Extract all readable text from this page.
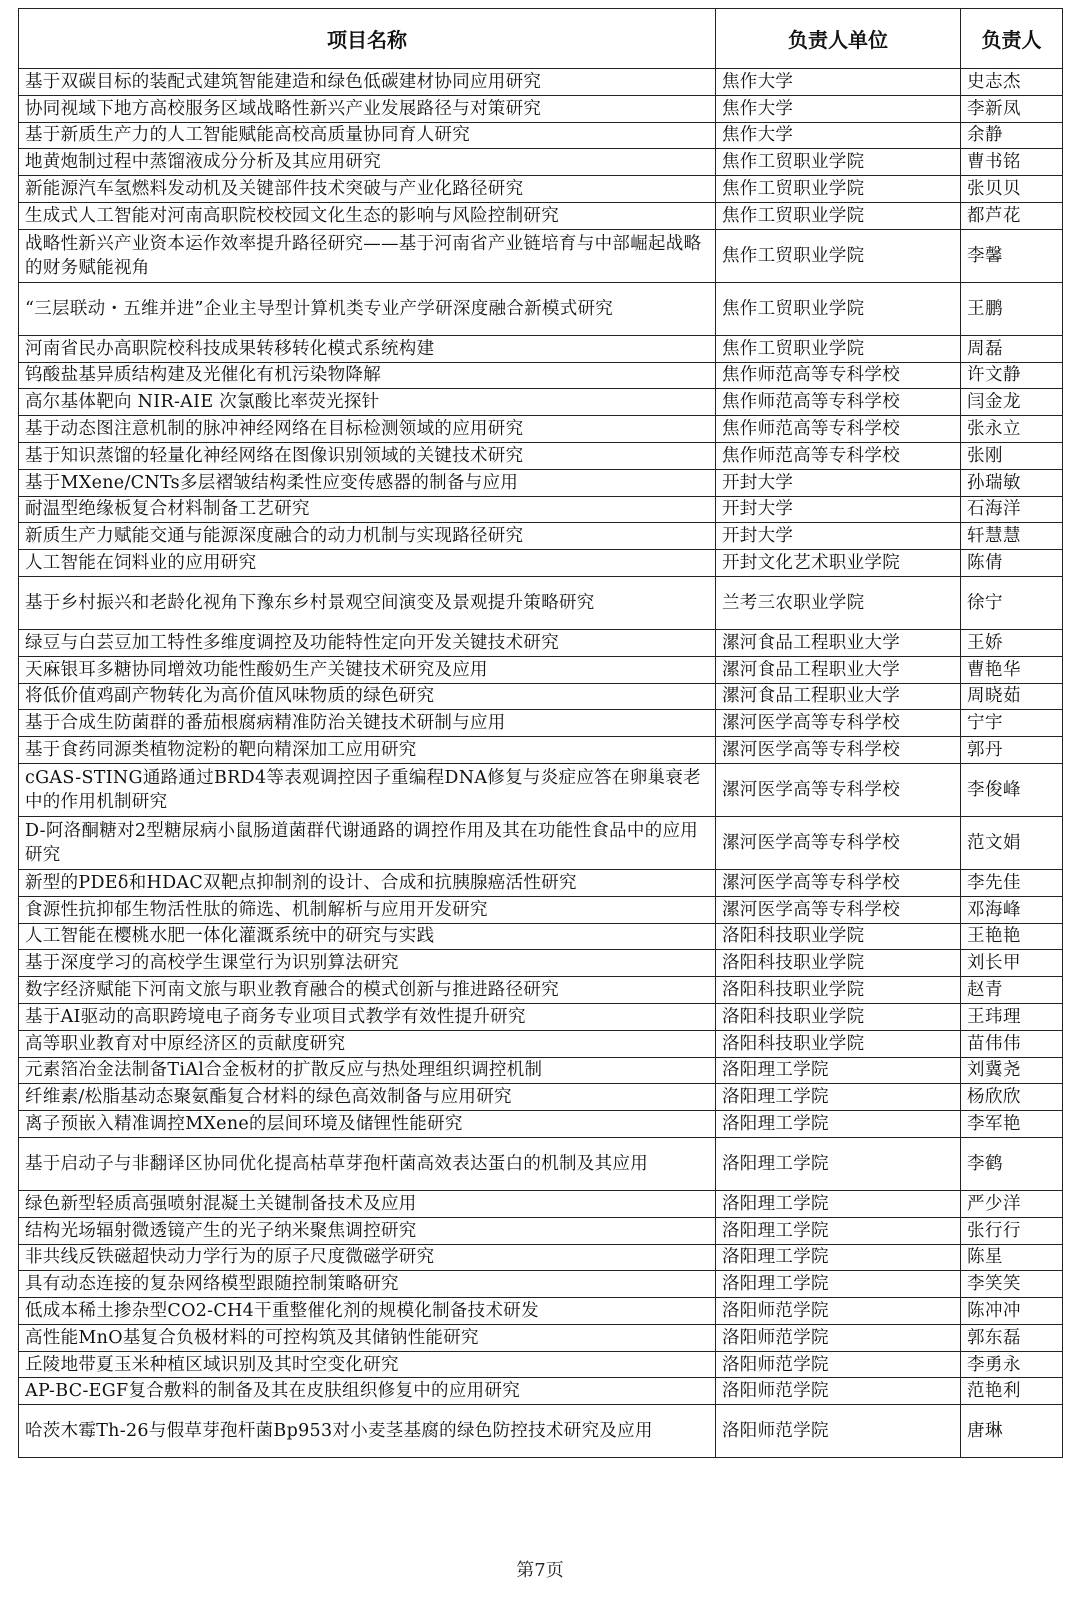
项目名称	负责人单位	负责人
基于双碳目标的装配式建筑智能建造和绿色低碳建材协同应用研究	焦作大学	史志杰
协同视域下地方高校服务区域战略性新兴产业发展路径与对策研究	焦作大学	李新凤
基于新质生产力的人工智能赋能高校高质量协同育人研究	焦作大学	余静
地黄炮制过程中蒸馏液成分分析及其应用研究	焦作工贸职业学院	曹书铭
新能源汽车氢燃料发动机及关键部件技术突破与产业化路径研究	焦作工贸职业学院	张贝贝
生成式人工智能对河南高职院校校园文化生态的影响与风险控制研究	焦作工贸职业学院	都芦花
战略性新兴产业资本运作效率提升路径研究——基于河南省产业链培育与中部崛起战略的财务赋能视角	焦作工贸职业学院	李馨
“三层联动・五维并进”企业主导型计算机类专业产学研深度融合新模式研究	焦作工贸职业学院	王鹏
河南省民办高职院校科技成果转移转化模式系统构建	焦作工贸职业学院	周磊
钨酸盐基异质结构建及光催化有机污染物降解	焦作师范高等专科学校	许文静
高尔基体靶向 NIR-AIE 次氯酸比率荧光探针	焦作师范高等专科学校	闫金龙
基于动态图注意机制的脉冲神经网络在目标检测领域的应用研究	焦作师范高等专科学校	张永立
基于知识蒸馏的轻量化神经网络在图像识别领域的关键技术研究	焦作师范高等专科学校	张刚
基于MXene/CNTs多层褶皱结构柔性应变传感器的制备与应用	开封大学	孙瑞敏
耐温型绝缘板复合材料制备工艺研究	开封大学	石海洋
新质生产力赋能交通与能源深度融合的动力机制与实现路径研究	开封大学	轩慧慧
人工智能在饲料业的应用研究	开封文化艺术职业学院	陈倩
基于乡村振兴和老龄化视角下豫东乡村景观空间演变及景观提升策略研究	兰考三农职业学院	徐宁
绿豆与白芸豆加工特性多维度调控及功能特性定向开发关键技术研究	漯河食品工程职业大学	王娇
天麻银耳多糖协同增效功能性酸奶生产关键技术研究及应用	漯河食品工程职业大学	曹艳华
将低价值鸡副产物转化为高价值风味物质的绿色研究	漯河食品工程职业大学	周晓茹
基于合成生防菌群的番茄根腐病精准防治关键技术研制与应用	漯河医学高等专科学校	宁宇
基于食药同源类植物淀粉的靶向精深加工应用研究	漯河医学高等专科学校	郭丹
cGAS-STING通路通过BRD4等表观调控因子重编程DNA修复与炎症应答在卵巢衰老中的作用机制研究	漯河医学高等专科学校	李俊峰
D-阿洛酮糖对2型糖尿病小鼠肠道菌群代谢通路的调控作用及其在功能性食品中的应用研究	漯河医学高等专科学校	范文娟
新型的PDEδ和HDAC双靶点抑制剂的设计、合成和抗胰腺癌活性研究	漯河医学高等专科学校	李先佳
食源性抗抑郁生物活性肽的筛选、机制解析与应用开发研究	漯河医学高等专科学校	邓海峰
人工智能在樱桃水肥一体化灌溉系统中的研究与实践	洛阳科技职业学院	王艳艳
基于深度学习的高校学生课堂行为识别算法研究	洛阳科技职业学院	刘长甲
数字经济赋能下河南文旅与职业教育融合的模式创新与推进路径研究	洛阳科技职业学院	赵青
基于AI驱动的高职跨境电子商务专业项目式教学有效性提升研究	洛阳科技职业学院	王玮理
高等职业教育对中原经济区的贡献度研究	洛阳科技职业学院	苗伟伟
元素箔冶金法制备TiAl合金板材的扩散反应与热处理组织调控机制	洛阳理工学院	刘冀尧
纤维素/松脂基动态聚氨酯复合材料的绿色高效制备与应用研究	洛阳理工学院	杨欣欣
离子预嵌入精准调控MXene的层间环境及储锂性能研究	洛阳理工学院	李军艳
基于启动子与非翻译区协同优化提高枯草芽孢杆菌高效表达蛋白的机制及其应用	洛阳理工学院	李鹤
绿色新型轻质高强喷射混凝土关键制备技术及应用	洛阳理工学院	严少洋
结构光场辐射微透镜产生的光子纳米聚焦调控研究	洛阳理工学院	张行行
非共线反铁磁超快动力学行为的原子尺度微磁学研究	洛阳理工学院	陈星
具有动态连接的复杂网络模型跟随控制策略研究	洛阳理工学院	李笑笑
低成本稀土掺杂型CO2-CH4干重整催化剂的规模化制备技术研发	洛阳师范学院	陈冲冲
高性能MnO基复合负极材料的可控构筑及其储钠性能研究	洛阳师范学院	郭东磊
丘陵地带夏玉米种植区域识别及其时空变化研究	洛阳师范学院	李勇永
AP-BC-EGF复合敷料的制备及其在皮肤组织修复中的应用研究	洛阳师范学院	范艳利
哈茨木霉Th-26与假草芽孢杆菌Bp953对小麦茎基腐的绿色防控技术研究及应用	洛阳师范学院	唐琳
第7页
